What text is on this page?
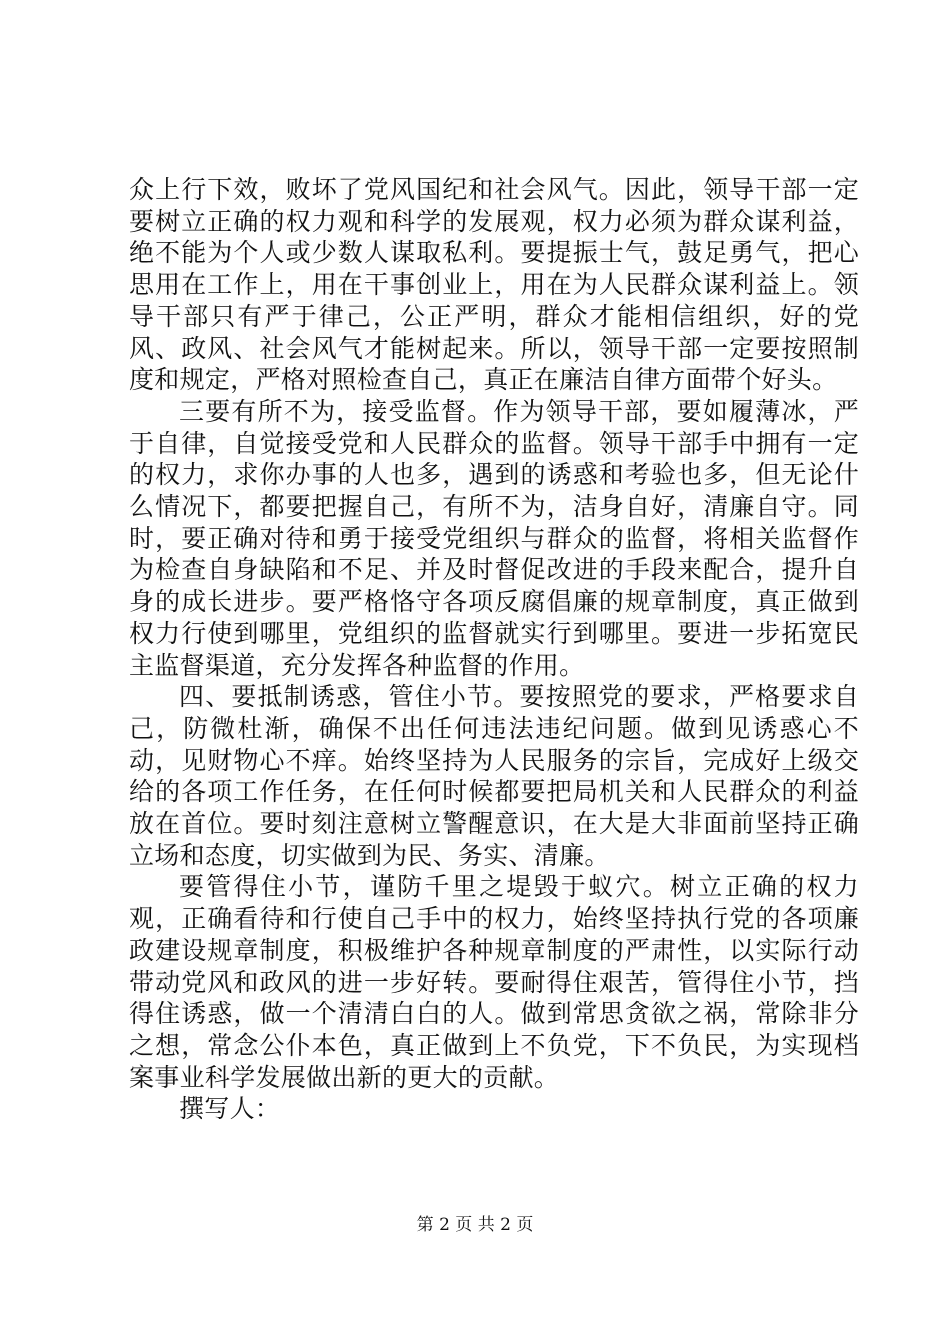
众上行下效，败坏了党风国纪和社会风气。因此，领导干部一定要树立正确的权力观和科学的发展观，权力必须为群众谋利益，绝不能为个人或少数人谋取私利。要提振士气，鼓足勇气，把心思用在工作上，用在干事创业上，用在为人民群众谋利益上。领导干部只有严于律己，公正严明，群众才能相信组织，好的党风、政风、社会风气才能树起来。所以，领导干部一定要按照制度和规定，严格对照检查自己，真正在廉洁自律方面带个好头。

三要有所不为，接受监督。作为领导干部，要如履薄冰，严于自律，自觉接受党和人民群众的监督。领导干部手中拥有一定的权力，求你办事的人也多，遇到的诱惑和考验也多，但无论什么情况下，都要把握自己，有所不为，洁身自好，清廉自守。同时，要正确对待和勇于接受党组织与群众的监督，将相关监督作为检查自身缺陷和不足、并及时督促改进的手段来配合，提升自身的成长进步。要严格恪守各项反腐倡廉的规章制度，真正做到权力行使到哪里，党组织的监督就实行到哪里。要进一步拓宽民主监督渠道，充分发挥各种监督的作用。

四、要抵制诱惑，管住小节。要按照党的要求，严格要求自己，防微杜渐，确保不出任何违法违纪问题。做到见诱惑心不动，见财物心不痒。始终坚持为人民服务的宗旨，完成好上级交给的各项工作任务，在任何时候都要把局机关和人民群众的利益放在首位。要时刻注意树立警醒意识，在大是大非面前坚持正确立场和态度，切实做到为民、务实、清廉。

要管得住小节，谨防千里之堤毁于蚁穴。树立正确的权力观，正确看待和行使自己手中的权力，始终坚持执行党的各项廉政建设规章制度，积极维护各种规章制度的严肃性，以实际行动带动党风和政风的进一步好转。要耐得住艰苦，管得住小节，挡得住诱惑，做一个清清白白的人。做到常思贪欲之祸，常除非分之想，常念公仆本色，真正做到上不负党，下不负民，为实现档案事业科学发展做出新的更大的贡献。

撰写人：

第 2 页 共 2 页
